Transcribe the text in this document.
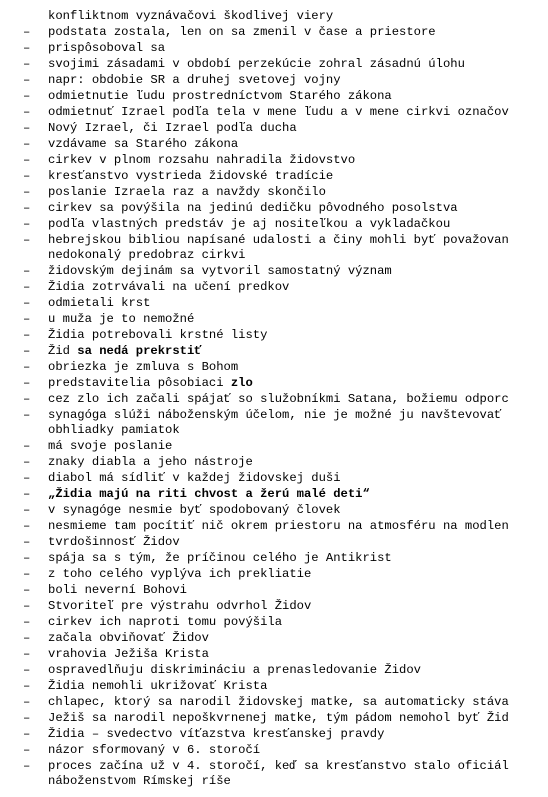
konfliktnom vyznávačovi škodlivej viery
– podstata zostala, len on sa zmenil v čase a priestore
– prispôsoboval sa
– svojimi zásadami v období perzekúcie zohral zásadnú úlohu
– napr: obdobie SR a druhej svetovej vojny
– odmietnutie ľudu prostredníctvom Starého zákona
– odmietnuť Izrael podľa tela v mene ľudu a v mene cirkvi označov
– Nový Izrael, či Izrael podľa ducha
– vzdávame sa Starého zákona
– cirkev v plnom rozsahu nahradila židovstvo
– kresťanstvo vystrieda židovské tradície
– poslanie Izraela raz a navždy skončilo
– cirkev sa povýšila na jedinú dedičku pôvodného posolstva
– podľa vlastných predstáv je aj nositeľkou a vykladačkou
– hebrejskou bibliou napísané udalosti a činy mohli byť považovan
nedokonalý predobraz cirkvi
– židovským dejinám sa vytvoril samostatný význam
– Židia zotrvávali na učení predkov
– odmietali krst
– u muža je to nemožné
– Židia potrebovali krstné listy
– Žid sa nedá prekrstiť
– obriezka je zmluva s Bohom
– predstavitelia pôsobiaci zlo
– cez zlo ich začali spájať so služobníkmi Satana, božiemu odporc
– synagóga slúži náboženským účelom, nie je možné ju navštevovať
obhliadky pamiatok
– má svoje poslanie
– znaky diabla a jeho nástroje
– diabol má sídliť v každej židovskej duši
– „Židia majú na riti chvost a žerú malé deti“
– v synagóge nesmie byť spodobovaný človek
– nesmieme tam pocítiť nič okrem priestoru na atmosféru na modlen
– tvrdošinnosť Židov
– spája sa s tým, že príčinou celého je Antikrist
– z toho celého vyplýva ich prekliatie
– boli neverní Bohovi
– Stvoriteľ pre výstrahu odvrhol Židov
– cirkev ich naproti tomu povýšila
– začala obviňovať Židov
– vrahovia Ježiša Krista
– ospravedlňuju diskrimináciu a prenasledovanie Židov
– Židia nemohli ukrižovať Krista
– chlapec, ktorý sa narodil židovskej matke, sa automaticky stáva
– Ježiš sa narodil nepoškvrnenej matke, tým pádom nemohol byť Žid
– Židia – svedectvo víťazstva kresťanskej pravdy
– názor sformovaný v 6. storočí
– proces začína už v 4. storočí, keď sa kresťanstvo stalo oficiál
náboženstvom Rímskej ríše
